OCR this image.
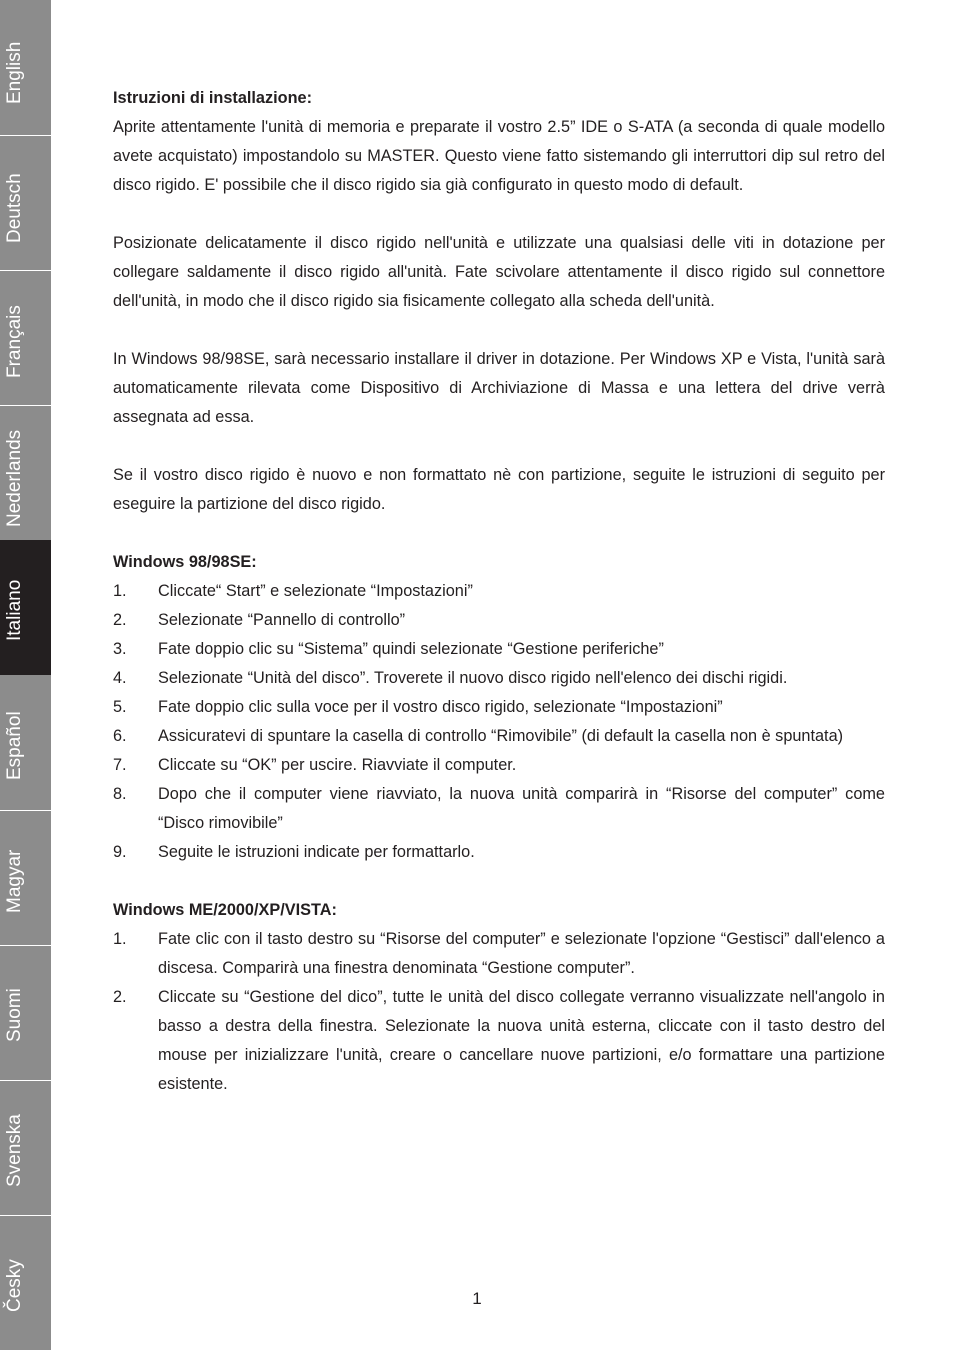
English
Deutsch
Français
Nederlands
Italiano
Español
Magyar
Suomi
Svenska
Česky

Istruzioni di installazione:

Aprite attentamente l'unità di memoria e preparate il vostro 2.5” IDE o S-ATA (a seconda di quale modello avete acquistato) impostandolo su MASTER. Questo viene fatto sistemando gli interruttori dip sul retro del disco rigido. E' possibile che il disco rigido sia già configurato in questo modo di default.

Posizionate delicatamente il disco rigido nell'unità e utilizzate una qualsiasi delle viti in dotazione per collegare saldamente il disco rigido all'unità. Fate scivolare attentamente il disco rigido sul connettore dell'unità, in modo che il disco rigido sia fisicamente collegato alla scheda dell'unità.

In Windows 98/98SE, sarà necessario installare il driver in dotazione. Per Windows XP e Vista, l'unità sarà automaticamente rilevata come Dispositivo di Archiviazione di Massa e una lettera del drive verrà assegnata ad essa.

Se il vostro disco rigido è nuovo e non formattato nè con partizione, seguite le istruzioni di seguito per eseguire la partizione del disco rigido.

Windows 98/98SE:

1.	Cliccate“ Start” e selezionate “Impostazioni”
2.	Selezionate “Pannello di controllo”
3.	Fate doppio clic su “Sistema” quindi selezionate “Gestione periferiche”
4.	Selezionate “Unità del disco”. Troverete il nuovo disco rigido nell'elenco dei dischi rigidi.
5.	Fate doppio clic sulla voce per il vostro disco rigido, selezionate “Impostazioni”
6.	Assicuratevi di spuntare la casella di controllo “Rimovibile” (di default la casella non è spuntata)
7.	Cliccate su “OK” per uscire. Riavviate il computer.
8.	Dopo che il computer viene riavviato, la nuova unità comparirà in “Risorse del computer” come “Disco rimovibile”
9.	Seguite le istruzioni indicate per formattarlo.

Windows ME/2000/XP/VISTA:

1.	Fate clic con il tasto destro su “Risorse del computer” e selezionate l'opzione “Gestisci” dall'elenco a discesa. Comparirà una finestra denominata “Gestione computer”.
2.	Cliccate su “Gestione del dico”, tutte le unità del disco collegate verranno visualizzate nell'angolo in basso a destra della finestra. Selezionate la nuova unità esterna, cliccate con il tasto destro del mouse per inizializzare l'unità, creare o cancellare nuove partizioni, e/o formattare una partizione esistente.
1
